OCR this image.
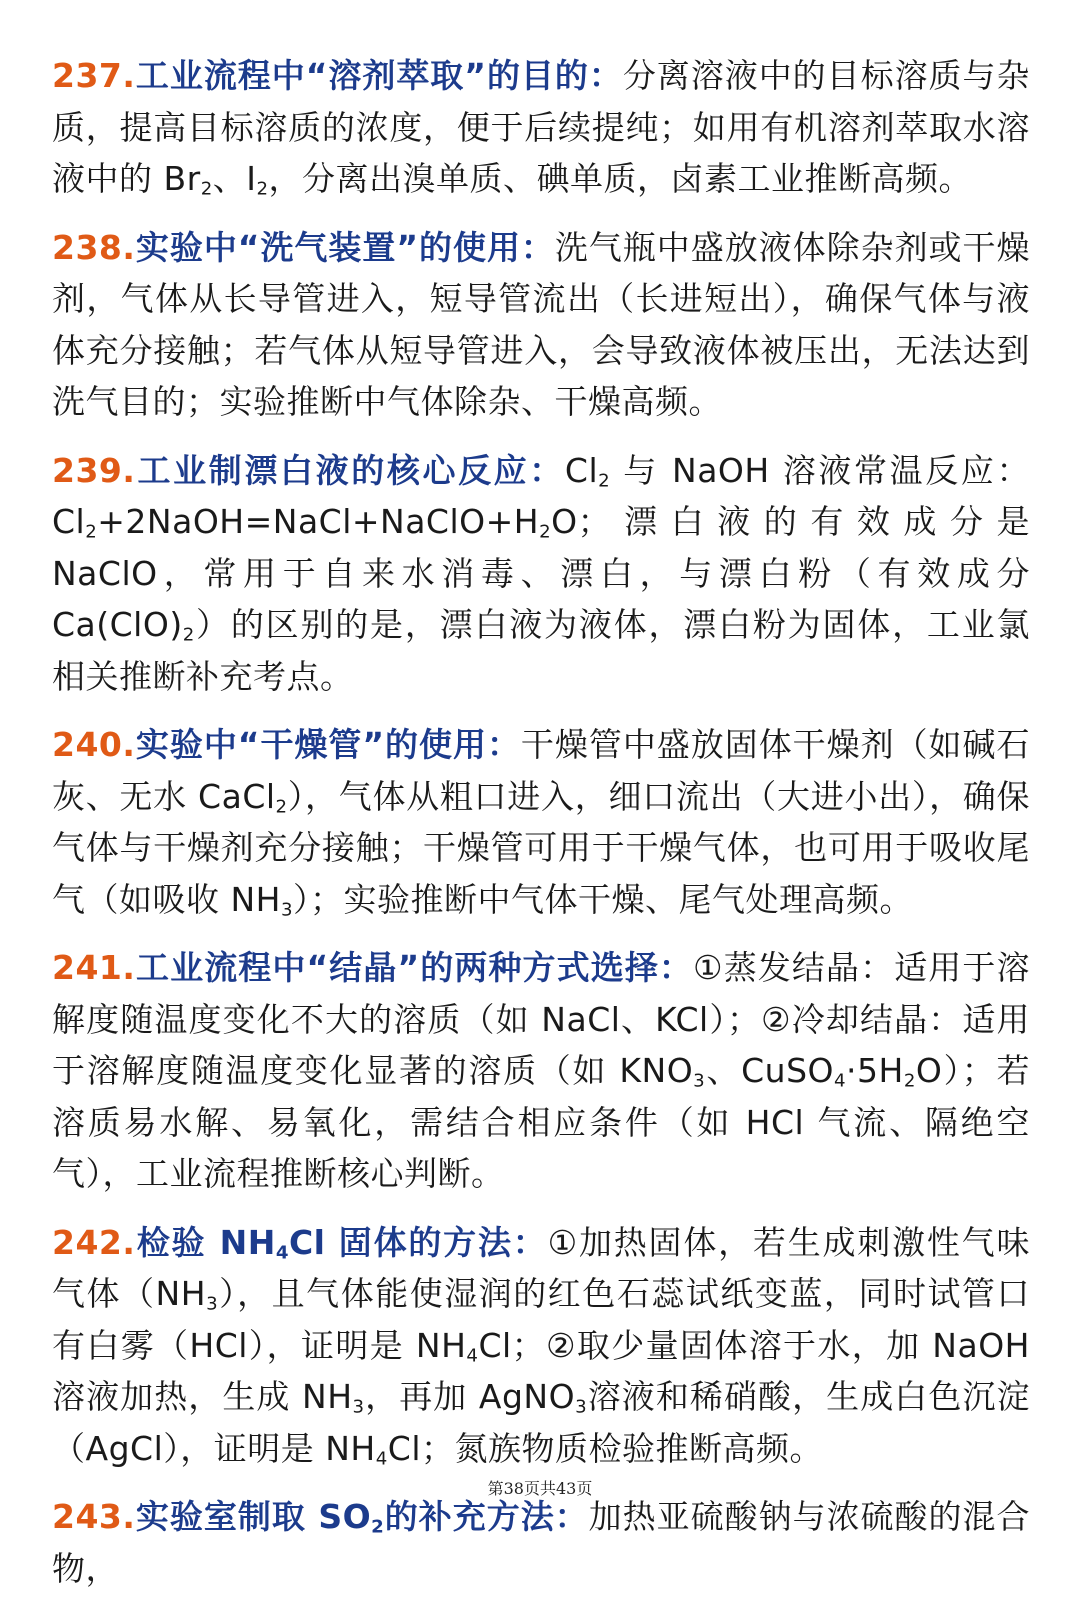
237.工业流程中“溶剂萃取”的目的：分离溶液中的目标溶质与杂质，提高目标溶质的浓度，便于后续提纯；如用有机溶剂萃取水溶液中的 $Br_2$、$I_2$，分离出溴单质、碘单质，卤素工业推断高频。

238.实验中“洗气装置”的使用：洗气瓶中盛放液体除杂剂或干燥剂，气体从长导管进入，短导管流出（长进短出），确保气体与液体充分接触；若气体从短导管进入，会导致液体被压出，无法达到洗气目的；实验推断中气体除杂、干燥高频。

239.工业制漂白液的核心反应：$Cl_2$ 与 NaOH 溶液常温反应：$Cl_2+2NaOH=NaCl+NaClO+H_2O$；漂白液的有效成分是 NaClO，常用于自来水消毒、漂白，与漂白粉（有效成分 $Ca(ClO)_2$）的区别的是，漂白液为液体，漂白粉为固体，工业氯相关推断补充考点。

240.实验中“干燥管”的使用：干燥管中盛放固体干燥剂（如碱石灰、无水 CaCl$_2$），气体从粗口进入，细口流出（大进小出），确保气体与干燥剂充分接触；干燥管可用于干燥气体，也可用于吸收尾气（如吸收 $NH_3$）；实验推断中气体干燥、尾气处理高频。

241.工业流程中“结晶”的两种方式选择：①蒸发结晶：适用于溶解度随温度变化不大的溶质（如 NaCl、KCl）；②冷却结晶：适用于溶解度随温度变化显著的溶质（如 $KNO_3$、$CuSO_4\cdot 5H_2O$）；若溶质易水解、易氧化，需结合相应条件（如 HCl 气流、隔绝空气），工业流程推断核心判断。

242.检验 $NH_4Cl$ 固体的方法：①加热固体，若生成刺激性气味气体$(NH_3)$，且气体能使湿润的红色石蕊试纸变蓝，同时试管口有白雾（HCl），证明是 $NH_4Cl$；②取少量固体溶于水，加 NaOH 溶液加热，生成 $NH_3$，再加 AgNO$_3$溶液和稀硝酸，生成白色沉淀（AgCl），证明是 $NH_4Cl$；氮族物质检验推断高频。

243.实验室制取 $SO_2$的补充方法：加热亚硫酸钠与浓硫酸的混合物，

第38页共43页
